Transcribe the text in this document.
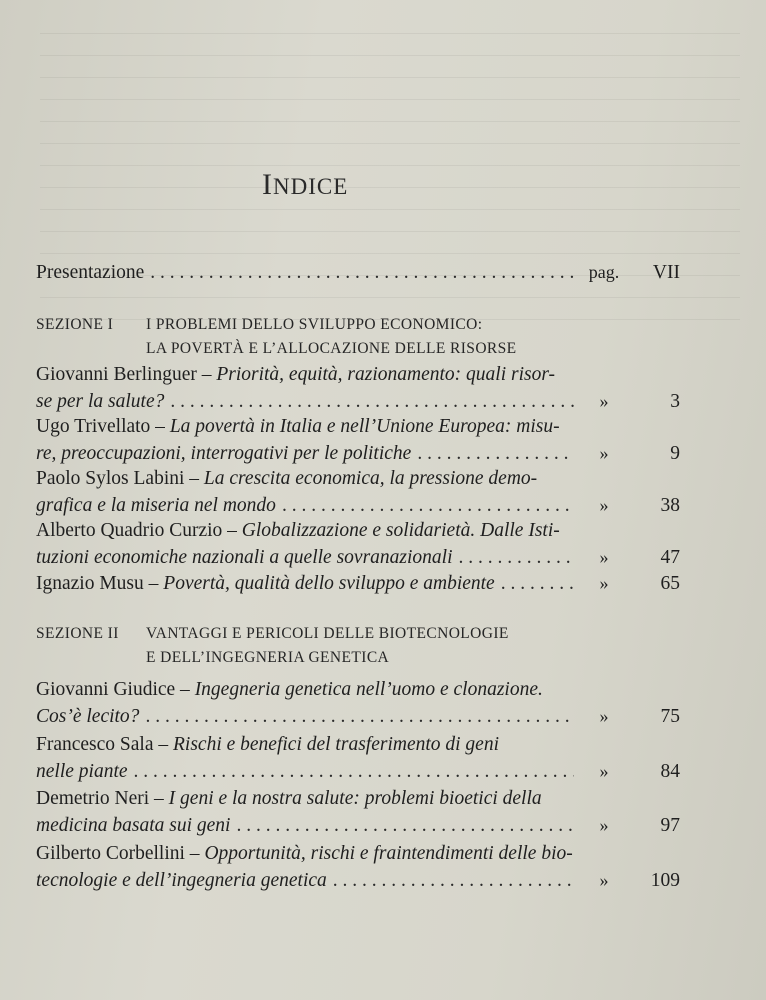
INDICE
Presentazione . . .	pag.	VII
SEZIONE I I PROBLEMI DELLO SVILUPPO ECONOMICO:
LA POVERTÀ E L’ALLOCAZIONE DELLE RISORSE
Giovanni Berlinguer –
Priorità, equità, razionamento: quali risor-
se per la salute? . . .	»	3
Ugo Trivellato –
La povertà in Italia e nell’Unione Europea: misu-
re, preoccupazioni, interrogativi per le politiche . . .	»	9
Paolo Sylos Labini –
La crescita economica, la pressione demo-
grafica e la miseria nel mondo . . .	»	38
Alberto Quadrio Curzio –
Globalizzazione e solidarietà. Dalle Isti-
tuzioni economiche nazionali a quelle sovranazionali . . .	»	47
Ignazio Musu –
Povertà, qualità dello sviluppo e ambiente . . .	»	65
SEZIONE II VANTAGGI E PERICOLI DELLE BIOTECNOLOGIE
E DELL’INGEGNERIA GENETICA
Giovanni Giudice –
Ingegneria genetica nell’uomo e clonazione.
Cos’è lecito? . . .	»	75
Francesco Sala –
Rischi e benefici del trasferimento di geni
nelle piante . . .	»	84
Demetrio Neri –
I geni e la nostra salute: problemi bioetici della
medicina basata sui geni . . .	»	97
Gilberto Corbellini –
Opportunità, rischi e fraintendimenti delle bio-
tecnologie e dell’ingegneria genetica . . .	»	109
